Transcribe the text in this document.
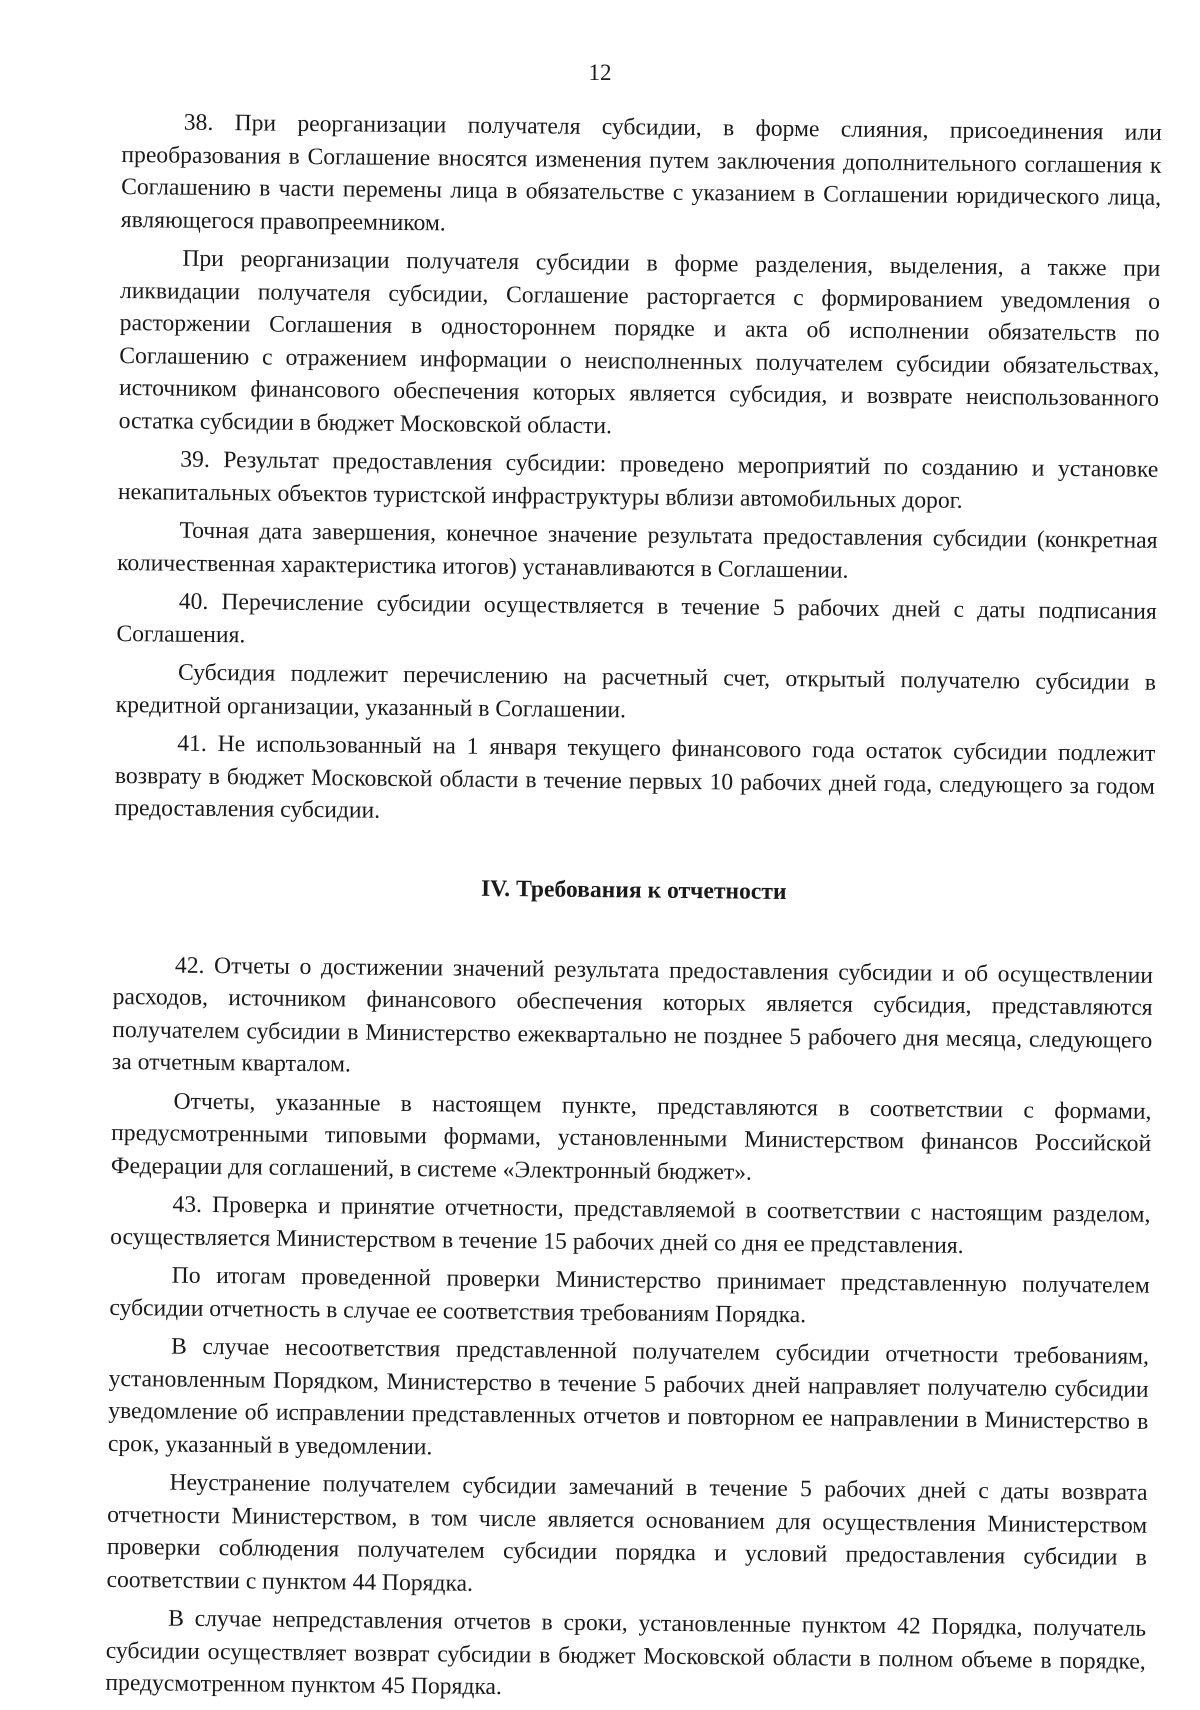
12

38. При реорганизации получателя субсидии, в форме слияния, присоединения или преобразования в Соглашение вносятся изменения путем заключения дополнительного соглашения к Соглашению в части перемены лица в обязательстве с указанием в Соглашении юридического лица, являющегося правопреемником.

При реорганизации получателя субсидии в форме разделения, выделения, а также при ликвидации получателя субсидии, Соглашение расторгается с формированием уведомления о расторжении Соглашения в одностороннем порядке и акта об исполнении обязательств по Соглашению с отражением информации о неисполненных получателем субсидии обязательствах, источником финансового обеспечения которых является субсидия, и возврате неиспользованного остатка субсидии в бюджет Московской области.

39. Результат предоставления субсидии: проведено мероприятий по созданию и установке некапитальных объектов туристской инфраструктуры вблизи автомобильных дорог.

Точная дата завершения, конечное значение результата предоставления субсидии (конкретная количественная характеристика итогов) устанавливаются в Соглашении.

40. Перечисление субсидии осуществляется в течение 5 рабочих дней с даты подписания Соглашения.

Субсидия подлежит перечислению на расчетный счет, открытый получателю субсидии в кредитной организации, указанный в Соглашении.

41. Не использованный на 1 января текущего финансового года остаток субсидии подлежит возврату в бюджет Московской области в течение первых 10 рабочих дней года, следующего за годом предоставления субсидии.

IV. Требования к отчетности

42. Отчеты о достижении значений результата предоставления субсидии и об осуществлении расходов, источником финансового обеспечения которых является субсидия, представляются получателем субсидии в Министерство ежеквартально не позднее 5 рабочего дня месяца, следующего за отчетным кварталом.

Отчеты, указанные в настоящем пункте, представляются в соответствии с формами, предусмотренными типовыми формами, установленными Министерством финансов Российской Федерации для соглашений, в системе «Электронный бюджет».

43. Проверка и принятие отчетности, представляемой в соответствии с настоящим разделом, осуществляется Министерством в течение 15 рабочих дней со дня ее представления.

По итогам проведенной проверки Министерство принимает представленную получателем субсидии отчетность в случае ее соответствия требованиям Порядка.

В случае несоответствия представленной получателем субсидии отчетности требованиям, установленным Порядком, Министерство в течение 5 рабочих дней направляет получателю субсидии уведомление об исправлении представленных отчетов и повторном ее направлении в Министерство в срок, указанный в уведомлении.

Неустранение получателем субсидии замечаний в течение 5 рабочих дней с даты возврата отчетности Министерством, в том числе является основанием для осуществления Министерством проверки соблюдения получателем субсидии порядка и условий предоставления субсидии в соответствии с пунктом 44 Порядка.

В случае непредставления отчетов в сроки, установленные пунктом 42 Порядка, получатель субсидии осуществляет возврат субсидии в бюджет Московской области в полном объеме в порядке, предусмотренном пунктом 45 Порядка.
